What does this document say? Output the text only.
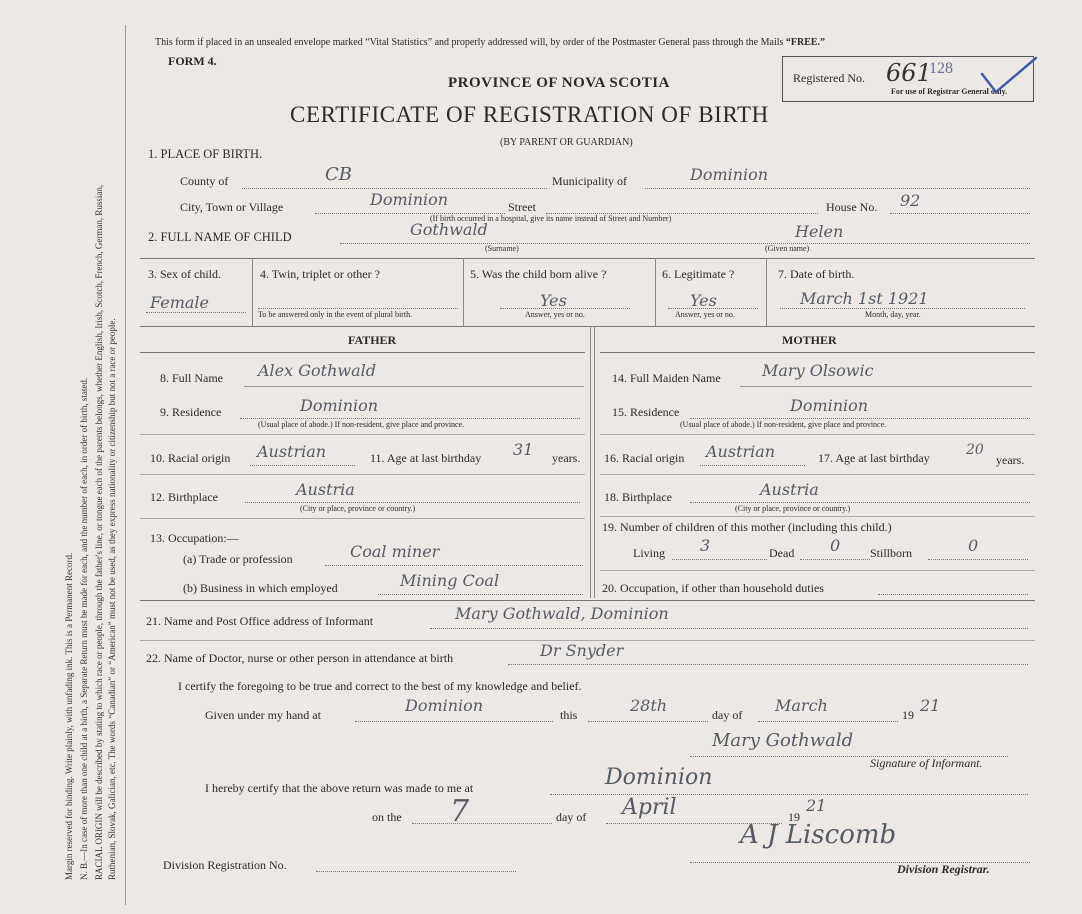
Margin reserved for binding. Write plainly, with unfading ink. This is a Permanent Record. N. B.—In case of more than one child at a birth, a Separate Return must be made for each, and the number of each, in order of birth, stated. RACIAL ORIGIN will be described by stating to which race or people, through the father's line, or tongue each of the parents belongs, whether English, Irish, Scotch, French, German, Russian, Ruthenian, Slovak, Galician, etc. The words “Canadian” or “American” must not be used, as they express nationality or citizenship but not a race or people.
This form if placed in an unsealed envelope marked “Vital Statistics” and properly addressed will, by order of the Postmaster General pass through the Mails “FREE.”
FORM 4.
PROVINCE OF NOVA SCOTIA
CERTIFICATE OF REGISTRATION OF BIRTH
(BY PARENT OR GUARDIAN)
Registered No. 661
128
For use of Registrar General only.
1. PLACE OF BIRTH.
County of	CB	Municipality of	Dominion
City, Town or Village	Dominion	Street	House No. 92
(If birth occurred in a hospital, give its name instead of Street and Number)
2. FULL NAME OF CHILD	Gothwald	Helen
(Surname)	(Given name)
3. Sex of child.
Female
4. Twin, triplet or other ?
To be answered only in the event of plural birth.
5. Was the child born alive ?
Yes
Answer, yes or no.
6. Legitimate ?
Yes
Answer, yes or no.
7. Date of birth.
March 1st 1921
Month, day, year.
FATHER	MOTHER
8. Full Name Alex Gothwald
9. Residence	Dominion
(Usual place of abode.) If non-resident, give place and province.
10. Racial origin Austrian	11. Age at last birthday 31 years.
12. Birthplace	Austria
(City or place, province or country.)
13. Occupation:—
(a) Trade or profession	Coal miner
(b) Business in which employed	Mining Coal
14. Full Maiden Name	Mary Olsowic
15. Residence	Dominion
(Usual place of abode.) If non-resident, give place and province.
16. Racial origin Austrian	17. Age at last birthday	20
years.
18. Birthplace	Austria
(City or place, province or country.)
19. Number of children of this mother (including this child.)
Living 3	Dead 0 Stillborn	0
20. Occupation, if other than household duties
21. Name and Post Office address of Informant	Mary Gothwald, Dominion
22. Name of Doctor, nurse or other person in attendance at birth	Dr Snyder
I certify the foregoing to be true and correct to the best of my knowledge and belief.
Given under my hand at	Dominion	this	28th	day of March	19 21
Mary Gothwald
Signature of Informant.
I hereby certify that the above return was made to me at	Dominion
on the 7	day of April	19
21
Division Registration No.
A J Liscomb
Division Registrar.
